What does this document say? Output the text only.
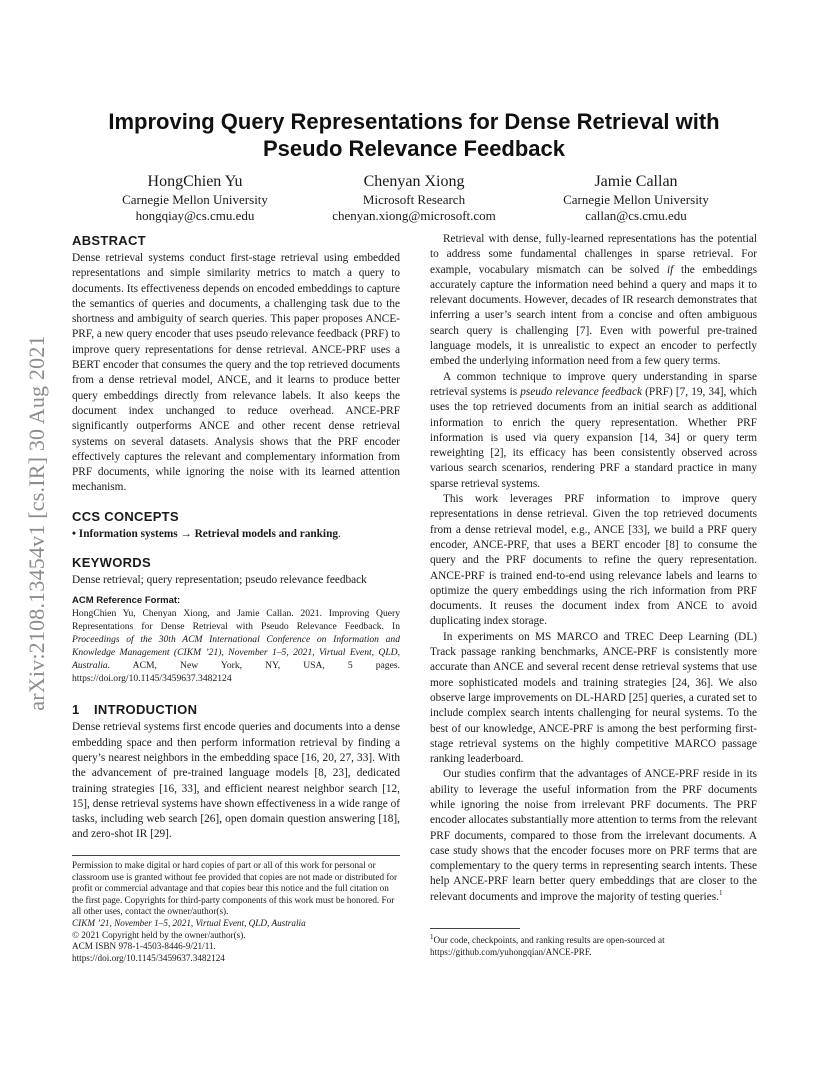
arXiv:2108.13454v1 [cs.IR] 30 Aug 2021
Improving Query Representations for Dense Retrieval with
Pseudo Relevance Feedback
HongChien Yu
Carnegie Mellon University
hongqiay@cs.cmu.edu
Chenyan Xiong
Microsoft Research
chenyan.xiong@microsoft.com
Jamie Callan
Carnegie Mellon University
callan@cs.cmu.edu
ABSTRACT

Dense retrieval systems conduct first-stage retrieval using embedded representations and simple similarity metrics to match a query to documents. Its effectiveness depends on encoded embeddings to capture the semantics of queries and documents, a challenging task due to the shortness and ambiguity of search queries. This paper proposes ANCE-PRF, a new query encoder that uses pseudo relevance feedback (PRF) to improve query representations for dense retrieval. ANCE-PRF uses a BERT encoder that consumes the query and the top retrieved documents from a dense retrieval model, ANCE, and it learns to produce better query embeddings directly from relevance labels. It also keeps the document index unchanged to reduce overhead. ANCE-PRF significantly outperforms ANCE and other recent dense retrieval systems on several datasets. Analysis shows that the PRF encoder effectively captures the relevant and complementary information from PRF documents, while ignoring the noise with its learned attention mechanism.

CCS CONCEPTS

• Information systems → Retrieval models and ranking.

KEYWORDS

Dense retrieval; query representation; pseudo relevance feedback

ACM Reference Format:

HongChien Yu, Chenyan Xiong, and Jamie Callan. 2021. Improving Query Representations for Dense Retrieval with Pseudo Relevance Feedback. In Proceedings of the 30th ACM International Conference on Information and Knowledge Management (CIKM ’21), November 1–5, 2021, Virtual Event, QLD, Australia. ACM, New York, NY, USA, 5 pages. https://doi.org/10.1145/3459637.3482124

1 INTRODUCTION

Dense retrieval systems first encode queries and documents into a dense embedding space and then perform information retrieval by finding a query’s nearest neighbors in the embedding space [16, 20, 27, 33]. With the advancement of pre-trained language models [8, 23], dedicated training strategies [16, 33], and efficient nearest neighbor search [12, 15], dense retrieval systems have shown effectiveness in a wide range of tasks, including web search [26], open domain question answering [18], and zero-shot IR [29].

Retrieval with dense, fully-learned representations has the potential to address some fundamental challenges in sparse retrieval. For example, vocabulary mismatch can be solved if the embeddings accurately capture the information need behind a query and maps it to relevant documents. However, decades of IR research demonstrates that inferring a user’s search intent from a concise and often ambiguous search query is challenging [7]. Even with powerful pre-trained language models, it is unrealistic to expect an encoder to perfectly embed the underlying information need from a few query terms.

A common technique to improve query understanding in sparse retrieval systems is pseudo relevance feedback (PRF) [7, 19, 34], which uses the top retrieved documents from an initial search as additional information to enrich the query representation. Whether PRF information is used via query expansion [14, 34] or query term reweighting [2], its efficacy has been consistently observed across various search scenarios, rendering PRF a standard practice in many sparse retrieval systems.

This work leverages PRF information to improve query representations in dense retrieval. Given the top retrieved documents from a dense retrieval model, e.g., ANCE [33], we build a PRF query encoder, ANCE-PRF, that uses a BERT encoder [8] to consume the query and the PRF documents to refine the query representation. ANCE-PRF is trained end-to-end using relevance labels and learns to optimize the query embeddings using the rich information from PRF documents. It reuses the document index from ANCE to avoid duplicating index storage.

In experiments on MS MARCO and TREC Deep Learning (DL) Track passage ranking benchmarks, ANCE-PRF is consistently more accurate than ANCE and several recent dense retrieval systems that use more sophisticated models and training strategies [24, 36]. We also observe large improvements on DL-HARD [25] queries, a curated set to include complex search intents challenging for neural systems. To the best of our knowledge, ANCE-PRF is among the best performing first-stage retrieval systems on the highly competitive MARCO passage ranking leaderboard.

Our studies confirm that the advantages of ANCE-PRF reside in its ability to leverage the useful information from the PRF documents while ignoring the noise from irrelevant PRF documents. The PRF encoder allocates substantially more attention to terms from the relevant PRF documents, compared to those from the irrelevant documents. A case study shows that the encoder focuses more on PRF terms that are complementary to the query terms in representing search intents. These help ANCE-PRF learn better query embeddings that are closer to the relevant documents and improve the majority of testing queries.$^1$

Permission to make digital or hard copies of part or all of this work for personal or classroom use is granted without fee provided that copies are not made or distributed for profit or commercial advantage and that copies bear this notice and the full citation on the first page. Copyrights for third-party components of this work must be honored. For all other uses, contact the owner/author(s).

CIKM ’21, November 1–5, 2021, Virtual Event, QLD, Australia

© 2021 Copyright held by the owner/author(s).

ACM ISBN 978-1-4503-8446-9/21/11.

https://doi.org/10.1145/3459637.3482124

$^1$Our code, checkpoints, and ranking results are open-sourced at https://github.com/yuhongqian/ANCE-PRF.
